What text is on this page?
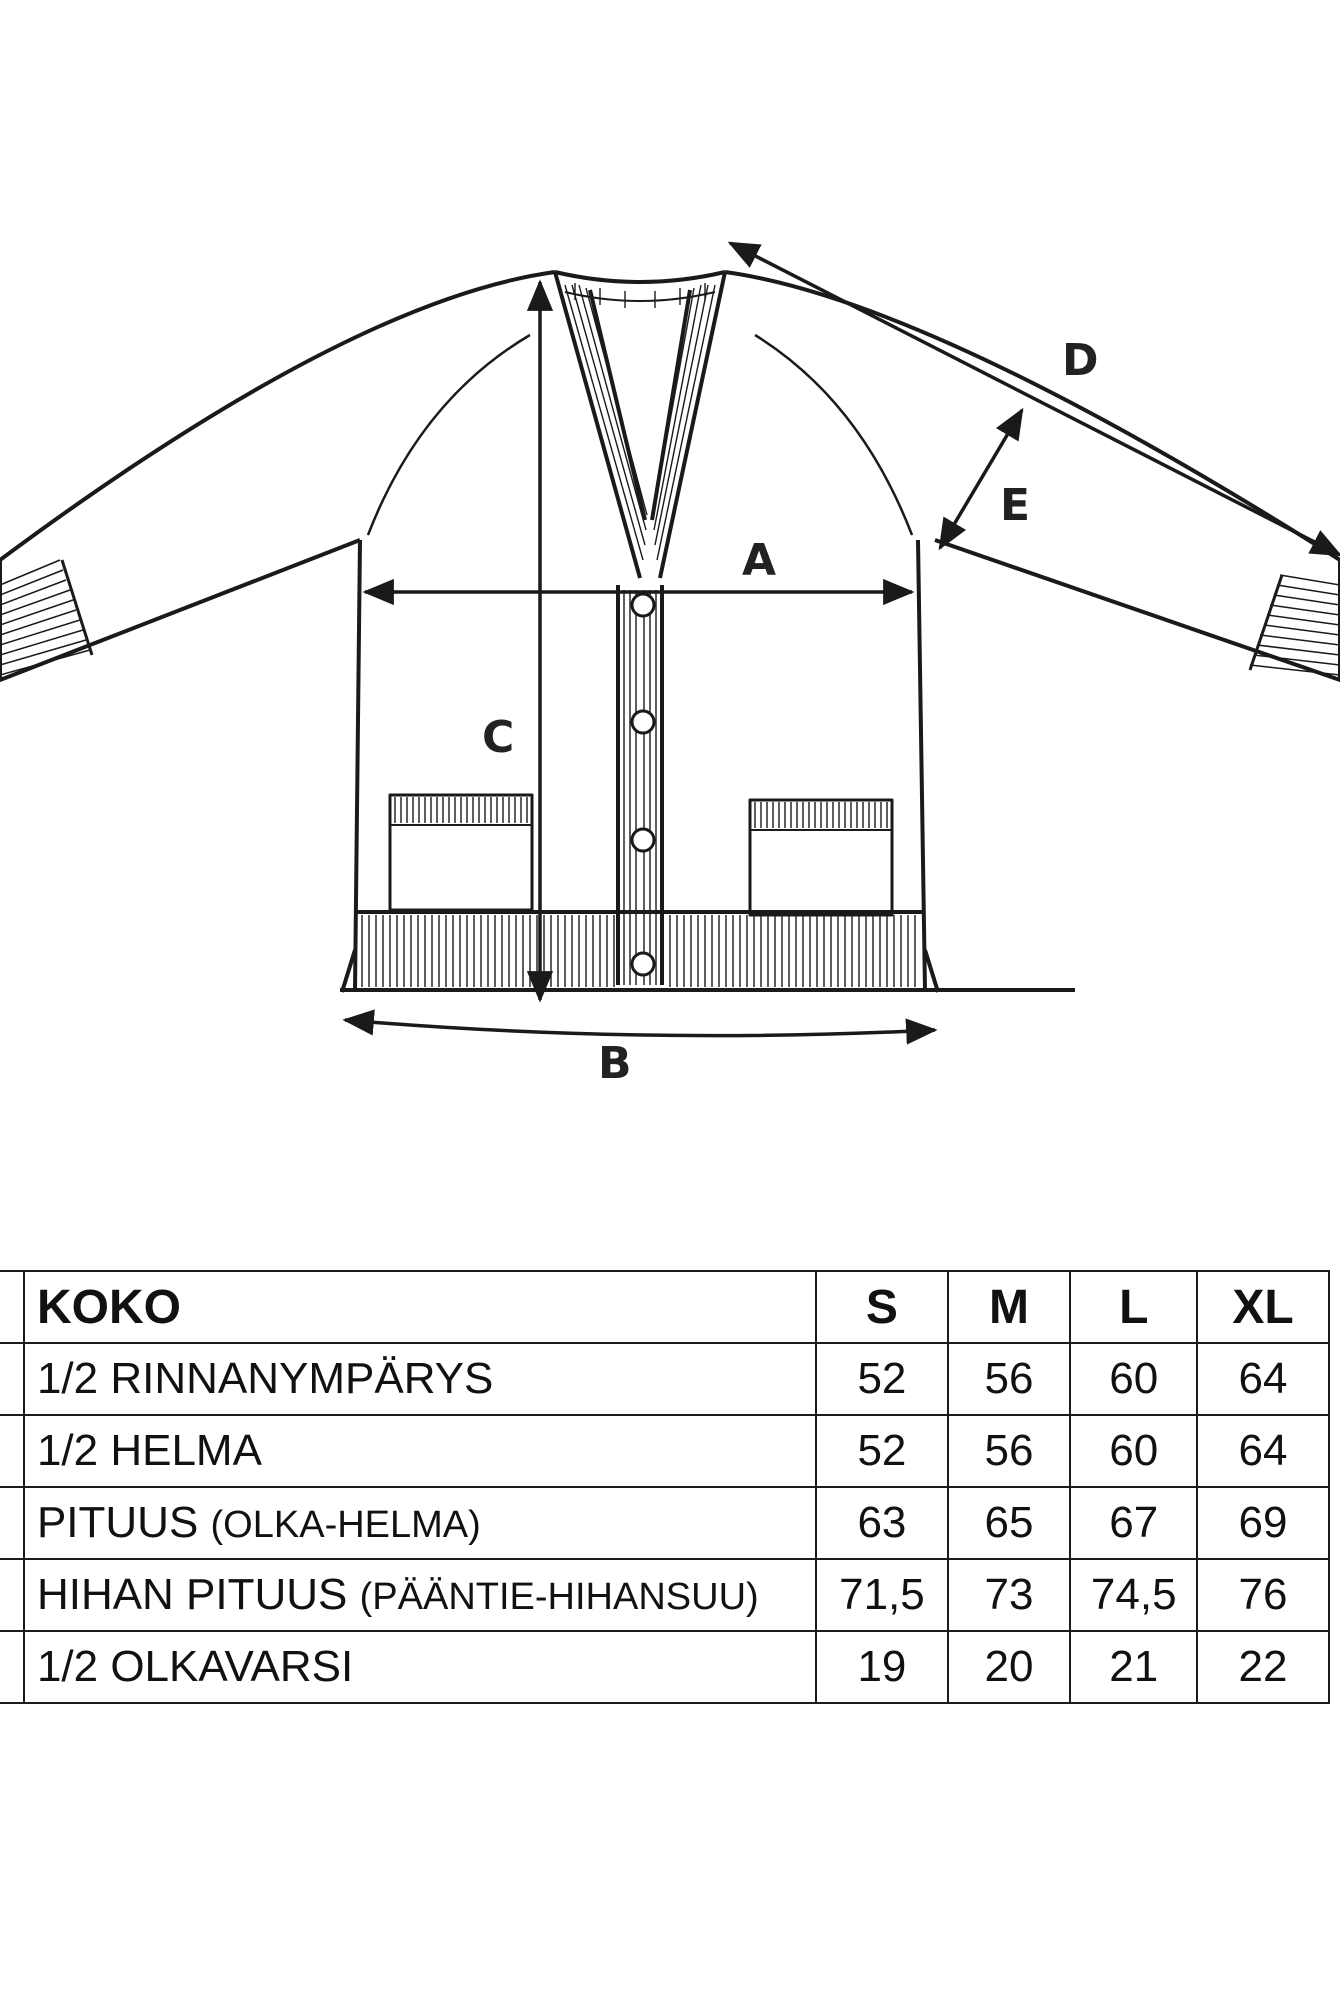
A
B
C
D
E
	KOKO	S	M	L	XL
	1/2 RINNANYMPÄRYS	52	56	60	64
	1/2 HELMA	52	56	60	64
	PITUUS (OLKA-HELMA)	63	65	67	69
	HIHAN PITUUS (PÄÄNTIE-HIHANSUU)	71,5	73	74,5	76
	1/2 OLKAVARSI	19	20	21	22
